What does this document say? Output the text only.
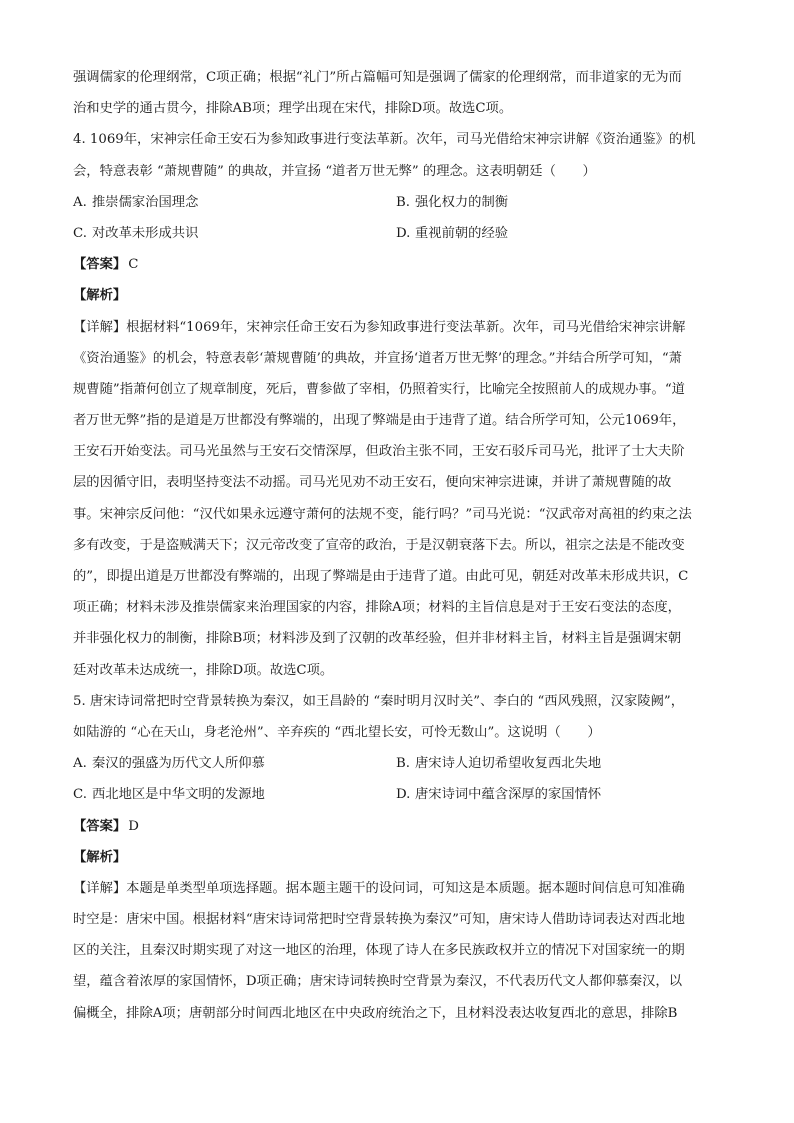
强调儒家的伦理纲常，C项正确；根据“礼门”所占篇幅可知是强调了儒家的伦理纲常，而非道家的无为而
治和史学的通古贯今，排除AB项；理学出现在宋代，排除D项。故选C项。
4. 1069年，宋神宗任命王安石为参知政事进行变法革新。次年，司马光借给宋神宗讲解《资治通鉴》的机
会，特意表彰 “萧规曹随” 的典故，并宣扬 “道者万世无弊” 的理念。这表明朝廷（　　）
A. 推崇儒家治国理念	B. 强化权力的制衡
C. 对改革未形成共识	D. 重视前朝的经验
【答案】 C
【解析】
【详解】根据材料“1069年，宋神宗任命王安石为参知政事进行变法革新。次年，司马光借给宋神宗讲解
《资治通鉴》的机会，特意表彰‘萧规曹随’的典故，并宣扬‘道者万世无弊’的理念。”并结合所学可知，“萧
规曹随”指萧何创立了规章制度，死后，曹参做了宰相，仍照着实行，比喻完全按照前人的成规办事。“道
者万世无弊”指的是道是万世都没有弊端的，出现了弊端是由于违背了道。结合所学可知，公元1069年，
王安石开始变法。司马光虽然与王安石交情深厚，但政治主张不同，王安石驳斥司马光，批评了士大夫阶
层的因循守旧，表明坚持变法不动摇。司马光见劝不动王安石，便向宋神宗进谏，并讲了萧规曹随的故
事。宋神宗反问他：“汉代如果永远遵守萧何的法规不变，能行吗？”司马光说：“汉武帝对高祖的约束之法
多有改变，于是盗贼满天下；汉元帝改变了宣帝的政治，于是汉朝衰落下去。所以，祖宗之法是不能改变
的”，即提出道是万世都没有弊端的，出现了弊端是由于违背了道。由此可见，朝廷对改革未形成共识，C
项正确；材料未涉及推崇儒家来治理国家的内容，排除A项；材料的主旨信息是对于王安石变法的态度，
并非强化权力的制衡，排除B项；材料涉及到了汉朝的改革经验，但并非材料主旨，材料主旨是强调宋朝
廷对改革未达成统一，排除D项。故选C项。
5. 唐宋诗词常把时空背景转换为秦汉，如王昌龄的 “秦时明月汉时关”、李白的 “西风残照，汉家陵阙”，
如陆游的 “心在天山，身老沧州”、辛弃疾的 “西北望长安，可怜无数山”。这说明（　　）
A. 秦汉的强盛为历代文人所仰慕	B. 唐宋诗人迫切希望收复西北失地
C. 西北地区是中华文明的发源地	D. 唐宋诗词中蕴含深厚的家国情怀
【答案】 D
【解析】
【详解】本题是单类型单项选择题。据本题主题干的设问词，可知这是本质题。据本题时间信息可知准确
时空是：唐宋中国。根据材料“唐宋诗词常把时空背景转换为秦汉”可知，唐宋诗人借助诗词表达对西北地
区的关注，且秦汉时期实现了对这一地区的治理，体现了诗人在多民族政权并立的情况下对国家统一的期
望，蕴含着浓厚的家国情怀，D项正确；唐宋诗词转换时空背景为秦汉，不代表历代文人都仰慕秦汉，以
偏概全，排除A项；唐朝部分时间西北地区在中央政府统治之下，且材料没表达收复西北的意思，排除B
